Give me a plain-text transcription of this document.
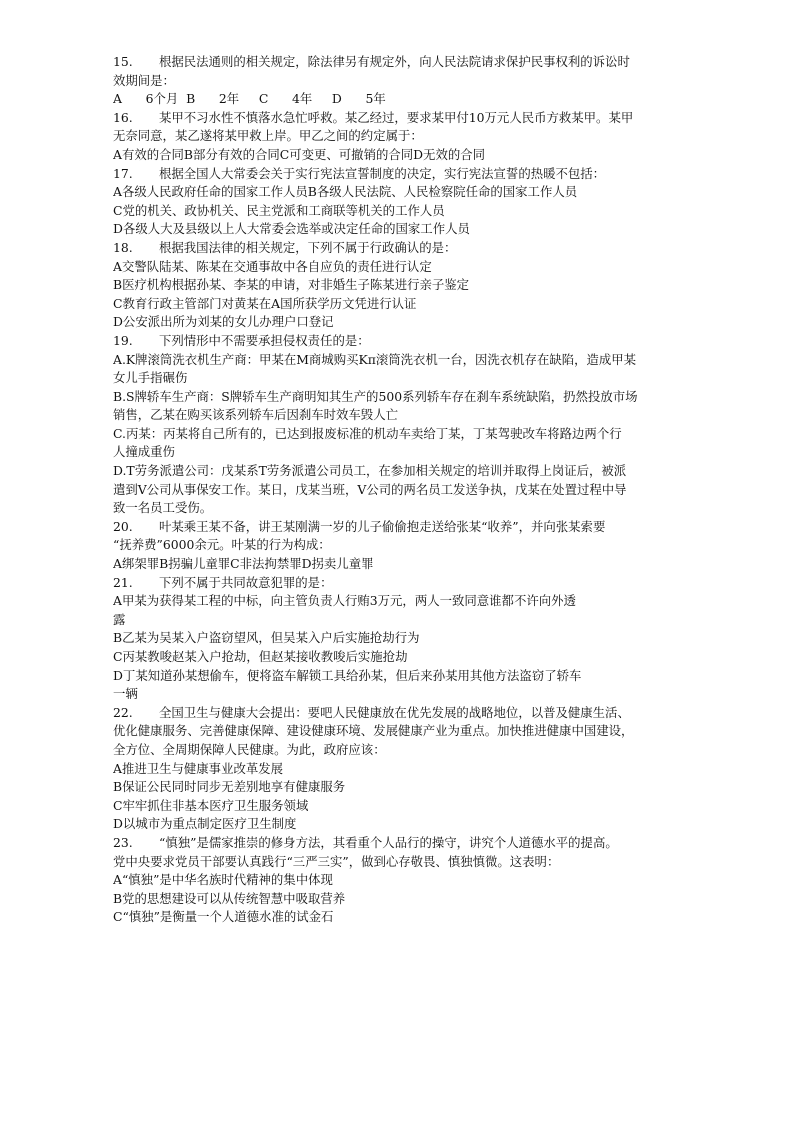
15. 根据民法通则的相关规定，除法律另有规定外，向人民法院请求保护民事权利的诉讼时
效期间是：
A      6个月  B      2年     C      4年     D      5年
16. 某甲不习水性不慎落水急忙呼救。某乙经过，要求某甲付10万元人民币方救某甲。某甲
无奈同意，某乙遂将某甲救上岸。甲乙之间的约定属于：
A有效的合同B部分有效的合同C可变更、可撤销的合同D无效的合同
17. 根据全国人大常委会关于实行宪法宣誓制度的决定，实行宪法宣誓的热暖不包括：
A各级人民政府任命的国家工作人员B各级人民法院、人民检察院任命的国家工作人员
C党的机关、政协机关、民主党派和工商联等机关的工作人员
D各级人大及县级以上人大常委会选举或决定任命的国家工作人员
18. 根据我国法律的相关规定，下列不属于行政确认的是：
A交警队陆某、陈某在交通事故中各自应负的责任进行认定
B医疗机构根据孙某、李某的申请，对非婚生子陈某进行亲子鉴定
C教育行政主管部门对黄某在A国所获学历文凭进行认证
D公安派出所为刘某的女儿办理户口登记
19. 下列情形中不需要承担侵权责任的是：
A.K牌滚筒洗衣机生产商：甲某在M商城购买Kπ滚筒洗衣机一台，因洗衣机存在缺陷，造成甲某
女儿手指碾伤
B.S牌轿车生产商：S牌轿车生产商明知其生产的500系列轿车存在刹车系统缺陷，扔然投放市场
销售，乙某在购买该系列轿车后因刹车时效车毁人亡
C.丙某：丙某将自己所有的，已达到报废标准的机动车卖给丁某，丁某驾驶改车将路边两个行
人撞成重伤
D.T劳务派遣公司：戊某系T劳务派遣公司员工，在参加相关规定的培训并取得上岗证后，被派
遣到V公司从事保安工作。某日，戊某当班，V公司的两名员工发送争执，戊某在处置过程中导
致一名员工受伤。
20. 叶某乘王某不备，讲王某刚满一岁的儿子偷偷抱走送给张某“收养”，并向张某索要
“抚养费”6000余元。叶某的行为构成：
A绑架罪B拐骗儿童罪C非法拘禁罪D拐卖儿童罪
21. 下列不属于共同故意犯罪的是：
A甲某为获得某工程的中标，向主管负责人行贿3万元，两人一致同意谁都不许向外透
露
B乙某为吴某入户盗窃望风，但吴某入户后实施抢劫行为
C丙某教唆赵某入户抢劫，但赵某接收教唆后实施抢劫
D丁某知道孙某想偷车，便将盗车解锁工具给孙某，但后来孙某用其他方法盗窃了轿车
一辆
22. 全国卫生与健康大会提出：要吧人民健康放在优先发展的战略地位，以普及健康生活、
优化健康服务、完善健康保障、建设健康环境、发展健康产业为重点。加快推进健康中国建设，
全方位、全周期保障人民健康。为此，政府应该：
A推进卫生与健康事业改革发展
B保证公民同时同步无差别地享有健康服务
C牢牢抓住非基本医疗卫生服务领域
D以城市为重点制定医疗卫生制度
23. “慎独”是儒家推崇的修身方法，其看重个人品行的操守，讲究个人道德水平的提高。
党中央要求党员干部要认真践行“三严三实”，做到心存敬畏、慎独慎微。这表明：
A“慎独”是中华名族时代精神的集中体现
B党的思想建设可以从传统智慧中吸取营养
C“慎独”是衡量一个人道德水准的试金石
